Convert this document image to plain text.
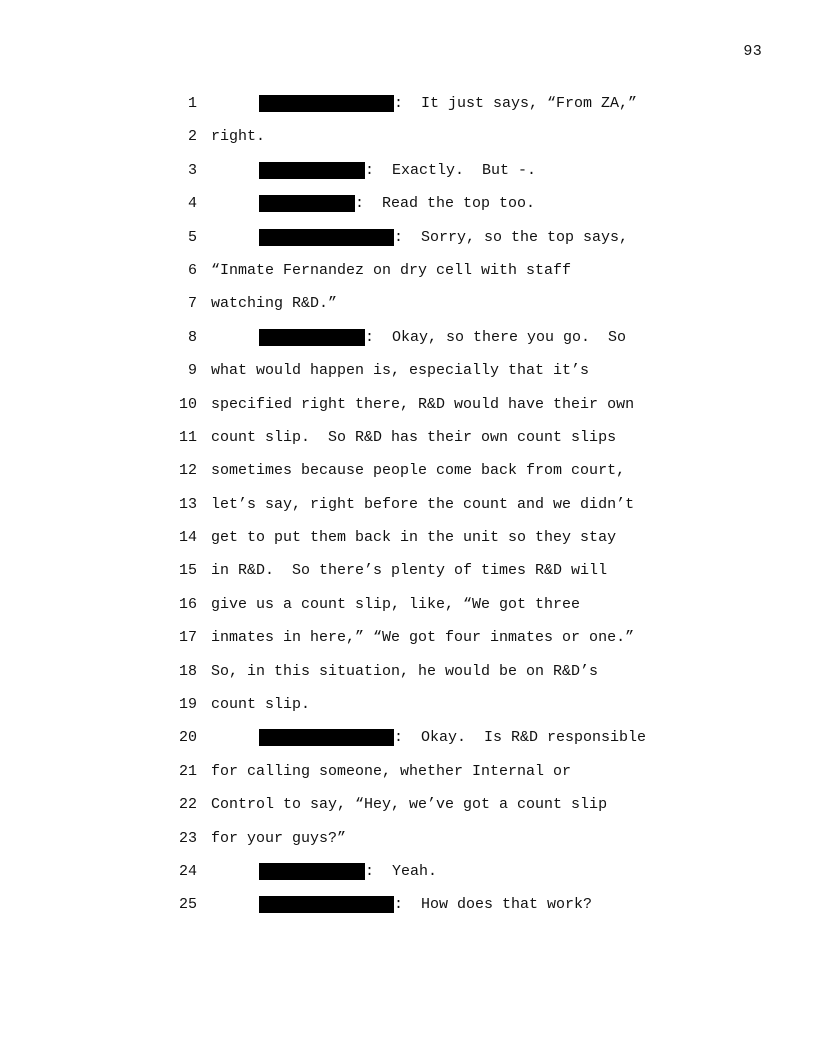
93
1	:  It just says, “From ZA,”
2 right.
3	:  Exactly.  But -.
4	:  Read the top too.
5	:  Sorry, so the top says,
6 “Inmate Fernandez on dry cell with staff
7 watching R&D.”
8	:  Okay, so there you go.  So
9 what would happen is, especially that it’s
10 specified right there, R&D would have their own
11 count slip.  So R&D has their own count slips
12 sometimes because people come back from court,
13 let’s say, right before the count and we didn’t
14 get to put them back in the unit so they stay
15 in R&D.  So there’s plenty of times R&D will
16 give us a count slip, like, “We got three
17 inmates in here,” “We got four inmates or one.”
18 So, in this situation, he would be on R&D’s
19 count slip.
20	:  Okay.  Is R&D responsible
21 for calling someone, whether Internal or
22 Control to say, “Hey, we’ve got a count slip
23 for your guys?”
24	:  Yeah.
25	:  How does that work?
